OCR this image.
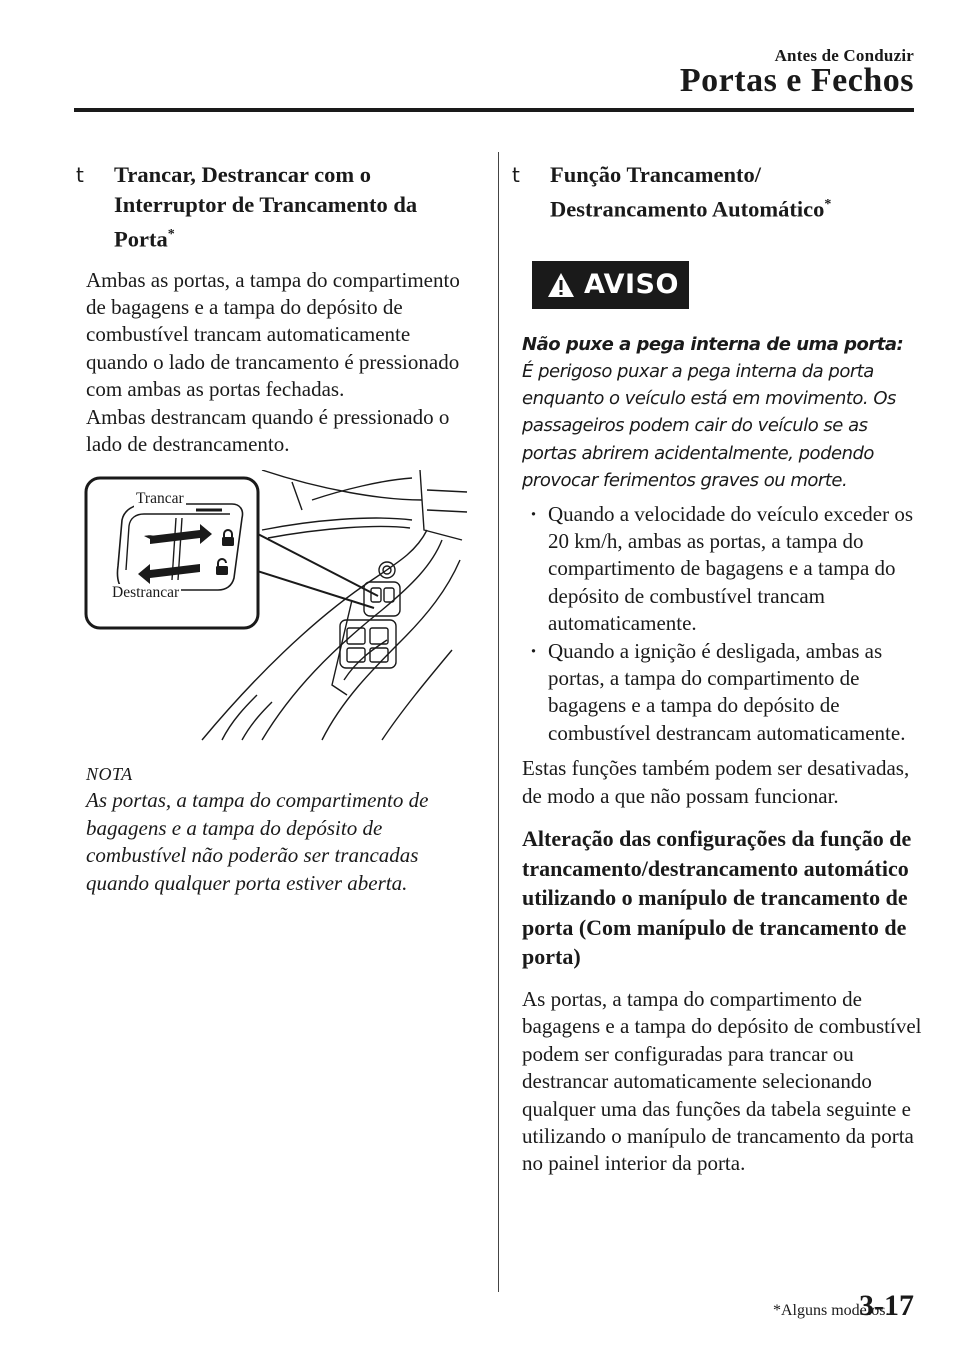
Antes de Conduzir
Portas e Fechos
t Trancar, Destrancar com o
Interruptor de Trancamento da
Porta*

Ambas as portas, a tampa do compartimento de bagagens e a tampa do depósito de combustível trancam automaticamente quando o lado de trancamento é pressionado com ambas as portas fechadas.

Ambas destrancam quando é pressionado o lado de destrancamento.

Trancar
Destrancar
NOTA

As portas, a tampa do compartimento de bagagens e a tampa do depósito de combustível não poderão ser trancadas quando qualquer porta estiver aberta.

t Função Trancamento/
Destrancamento Automático*
AVISO

Não puxe a pega interna de uma porta:

É perigoso puxar a pega interna da porta enquanto o veículo está em movimento. Os passageiros podem cair do veículo se as portas abrirem acidentalmente, podendo provocar ferimentos graves ou morte.

· Quando a velocidade do veículo exceder os 20 km/h, ambas as portas, a tampa do compartimento de bagagens e a tampa do depósito de combustível trancam automaticamente.
· Quando a ignição é desligada, ambas as portas, a tampa do compartimento de bagagens e a tampa do depósito de combustível destrancam automaticamente.

Estas funções também podem ser desativadas, de modo a que não possam funcionar.

Alteração das configurações da função de trancamento/destrancamento automático utilizando o manípulo de trancamento de porta (Com manípulo de trancamento de porta)

As portas, a tampa do compartimento de bagagens e a tampa do depósito de combustível podem ser configuradas para trancar ou destrancar automaticamente selecionando qualquer uma das funções da tabela seguinte e utilizando o manípulo de trancamento da porta no painel interior da porta.

*Alguns modelos.
3-17
